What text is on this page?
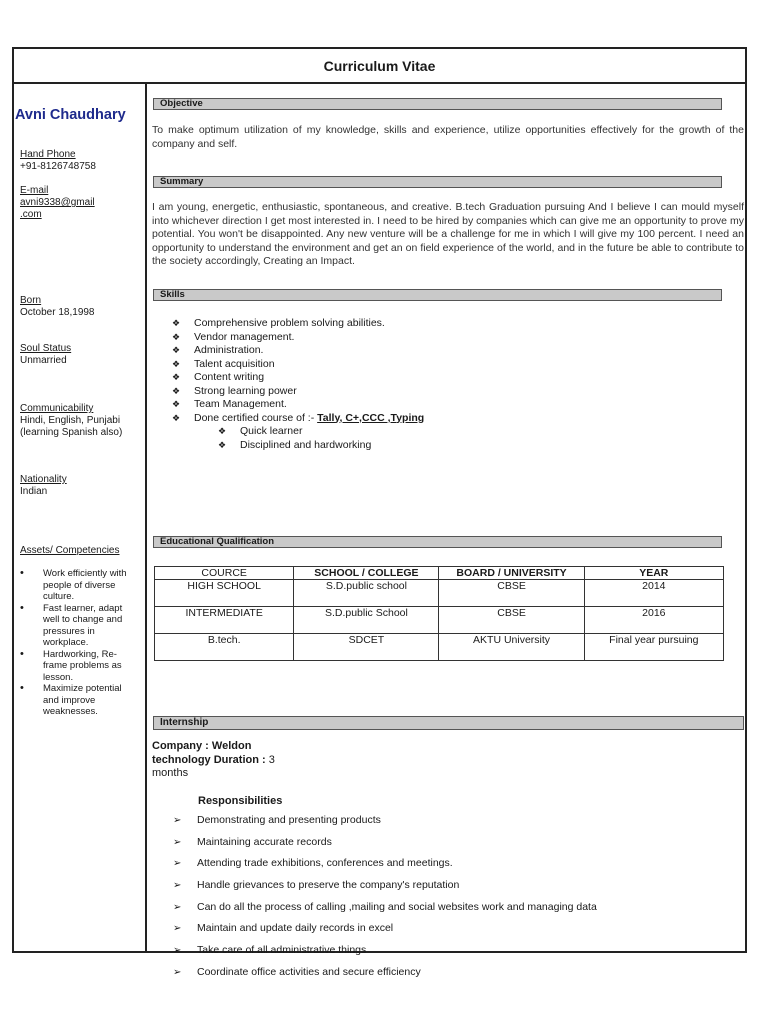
Curriculum Vitae
Avni Chaudhary
Hand Phone
+91-8126748758
E-mail
avni9338@gmail
.com
Born
October 18,1998
Soul Status
Unmarried
Communicability
Hindi, English, Punjabi (learning Spanish also)
Nationality
Indian
Assets/ Competencies
• Work efficiently with people of diverse culture.
• Fast learner, adapt well to change and pressures in workplace.
• Hardworking, Re-frame problems as lesson.
• Maximize potential and improve weaknesses.
Objective
To make optimum utilization of my knowledge, skills and experience, utilize opportunities effectively for the growth of the company and self.
Summary
I am young, energetic, enthusiastic, spontaneous, and creative. B.tech Graduation pursuing And I believe I can mould myself into whichever direction I get most interested in. I need to be hired by companies which can give me an opportunity to prove my potential. You won't be disappointed. Any new venture will be a challenge for me in which I will give my 100 percent. I need an opportunity to understand the environment and get an on field experience of the world, and in the future be able to contribute to the society accordingly, Creating an Impact.
Skills
❖ Comprehensive problem solving abilities.
❖ Vendor management.
❖ Administration.
❖ Talent acquisition
❖ Content writing
❖ Strong learning power
❖ Team Management.
❖ Done certified course of :- Tally, C+,CCC ,Typing
❖ Quick learner
❖ Disciplined and hardworking
Educational Qualification
COURCE	SCHOOL / COLLEGE	BOARD / UNIVERSITY	YEAR
HIGH SCHOOL	S.D.public school	CBSE	2014
INTERMEDIATE	S.D.public School	CBSE	2016
B.tech.	SDCET	AKTU University	Final year pursuing
Internship
Company : Weldon technology Duration : 3 months
Responsibilities
➢ Demonstrating and presenting products
➢ Maintaining accurate records
➢ Attending trade exhibitions, conferences and meetings.
➢ Handle grievances to preserve the company's reputation
➢ Can do all the process of calling ,mailing and social websites work and managing data
➢ Maintain and update daily records in excel
➢ Take care of all administrative things
➢ Coordinate office activities and secure efficiency
